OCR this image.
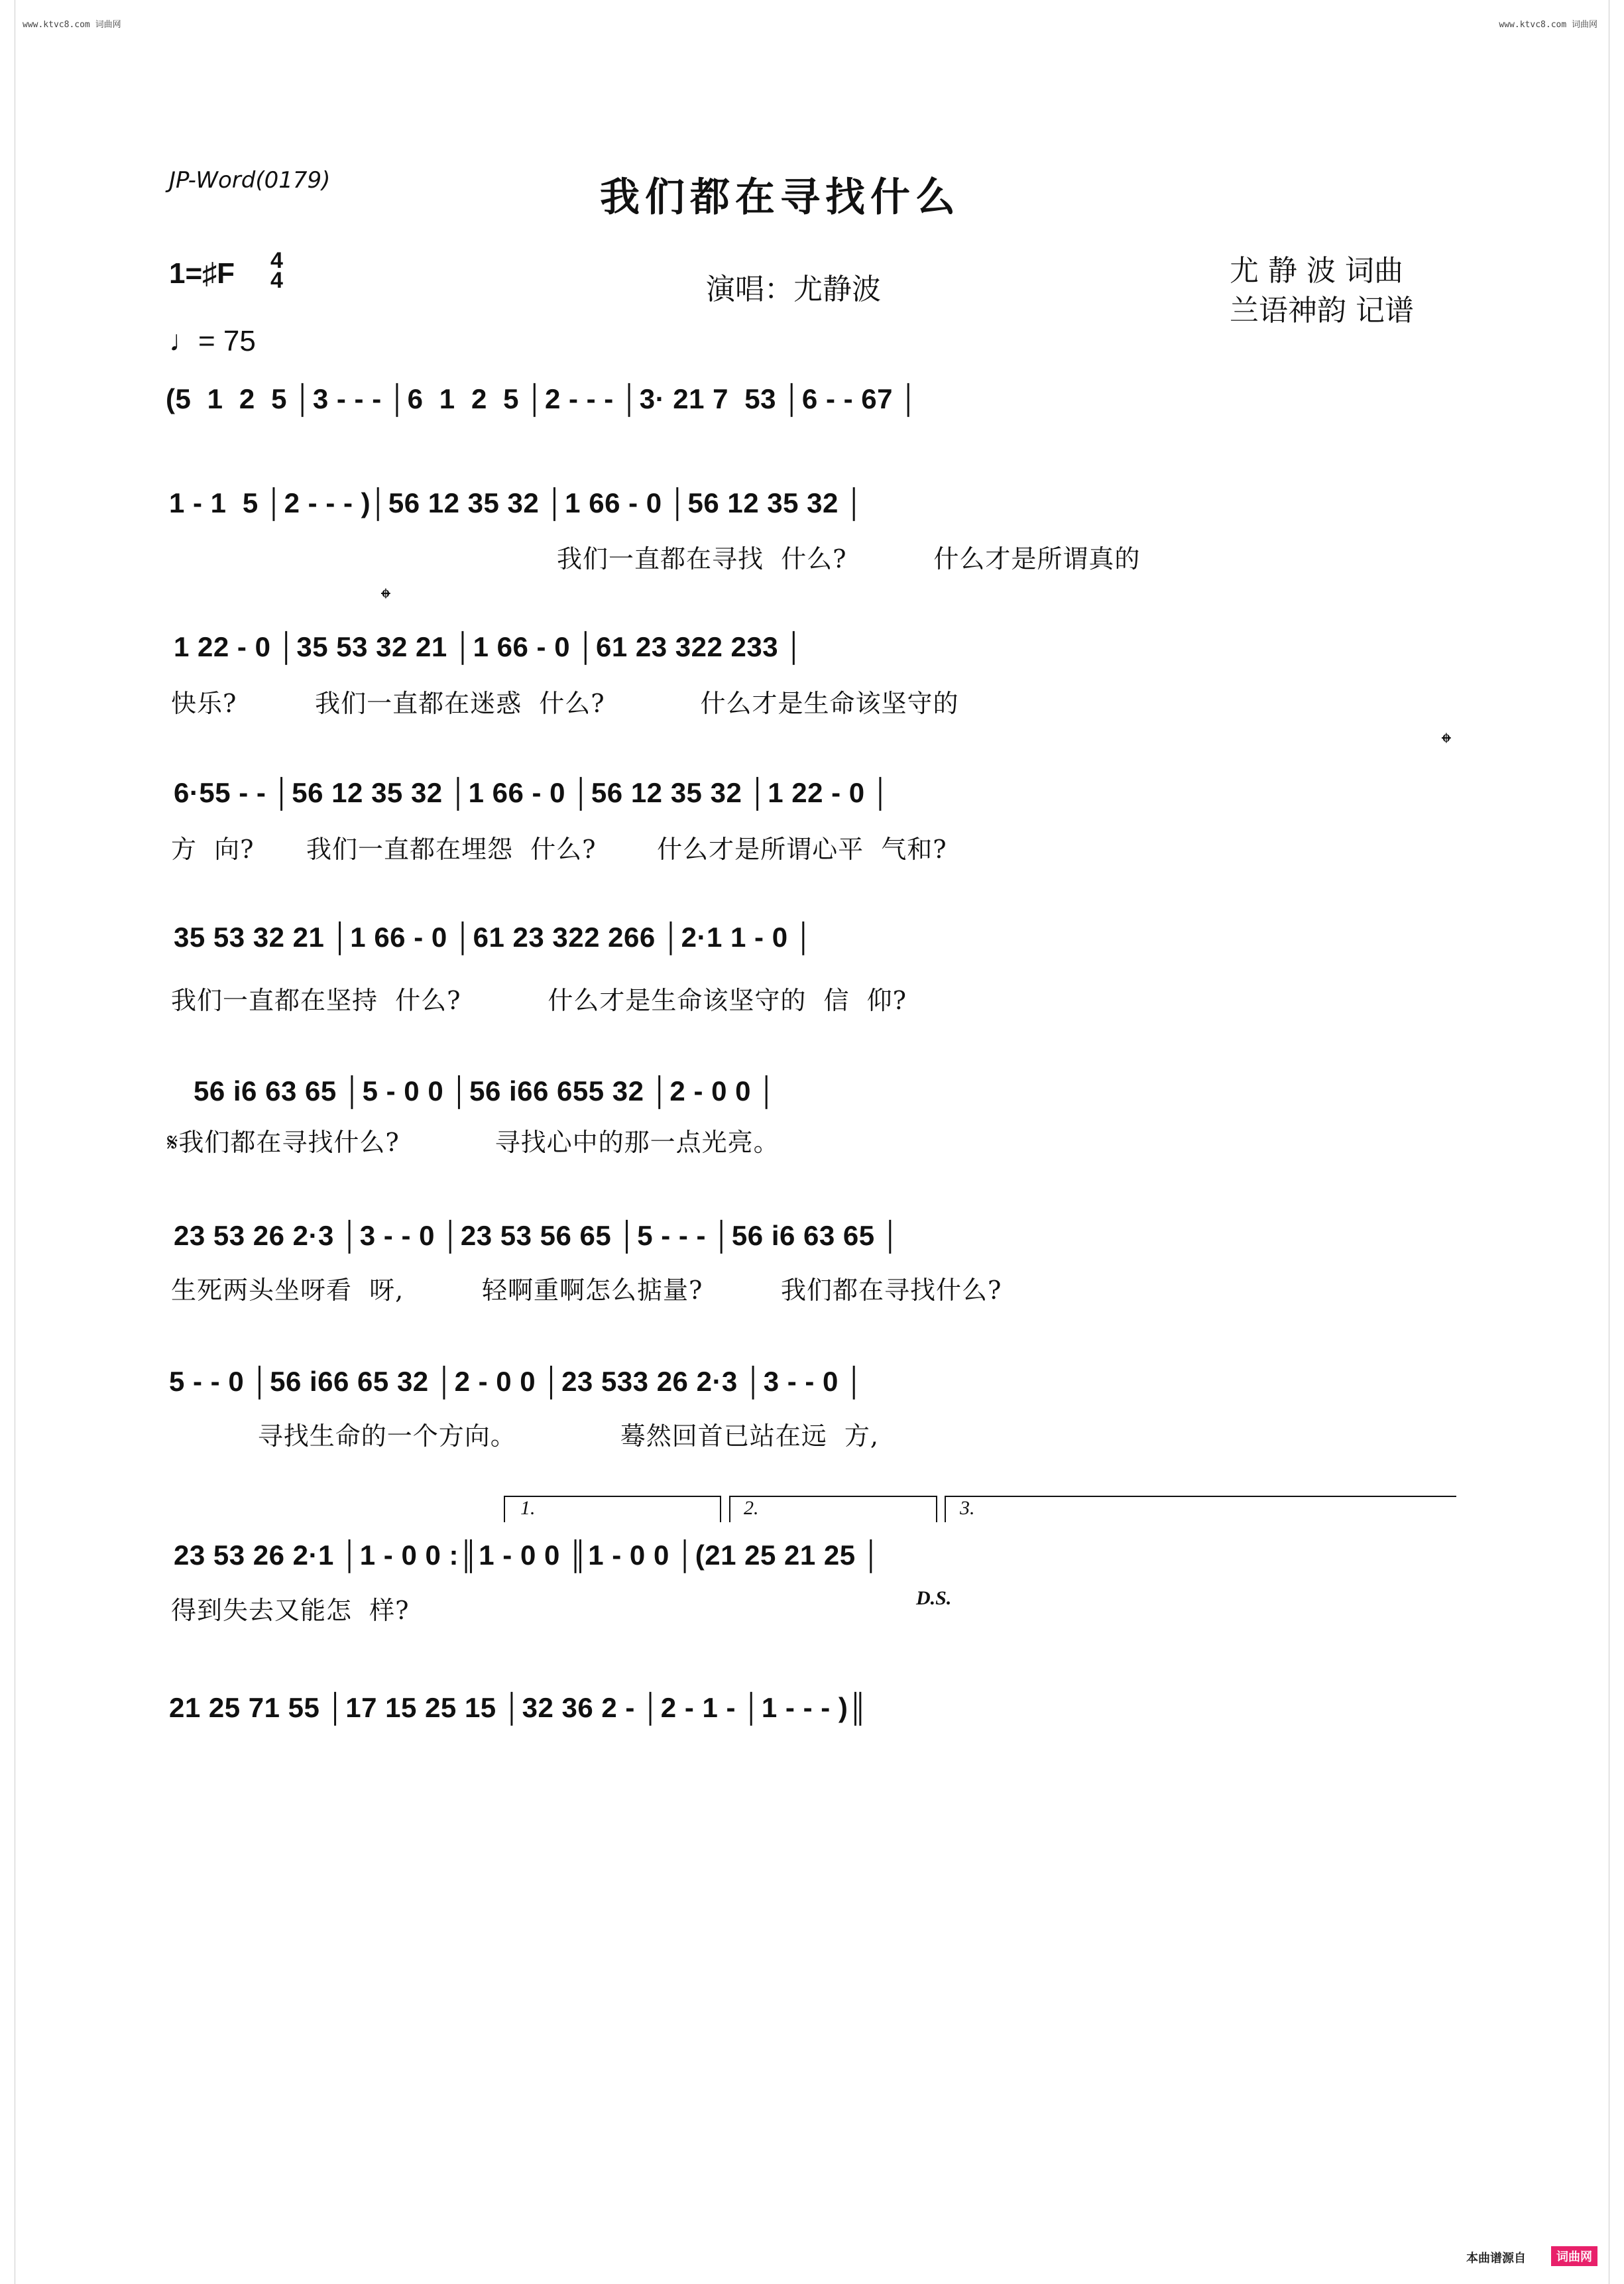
www.ktvc8.com 词曲网	www.ktvc8.com 词曲网
JP-Word(0179)	我们都在寻找什么
1=♯F 4
4	演唱：尤静波
尤 静 波 词曲
兰语神韵 记谱
♩= 75
(5  1  2  5 │3 - - - │6  1  2  5 │2 - - - │3· 21 7  53 │6 - - 67 │
1 - 1  5 │2 - - - )│56 12 35 32 │1 66 - 0 │56 12 35 32 │
我们一直都在寻找  什么?          什么才是所谓真的
𝄌
1 22 - 0 │35 53 32 21 │1 66 - 0 │61 23 322 233 │
快乐?         我们一直都在迷惑  什么?           什么才是生命该坚守的
𝄌
6·55 - - │56 12 35 32 │1 66 - 0 │56 12 35 32 │1 22 - 0 │
方  向?      我们一直都在埋怨  什么?       什么才是所谓心平  气和?
35 53 32 21 │1 66 - 0 │61 23 322 266 │2·1 1 - 0 │
我们一直都在坚持  什么?          什么才是生命该坚守的  信  仰?
56 i6 63 65 │5 - 0 0 │56 i66 655 32 │2 - 0 0 │
𝄋我们都在寻找什么?           寻找心中的那一点光亮。
23 53 26 2·3 │3 - - 0 │23 53 56 65 │5 - - - │56 i6 63 65 │
生死两头坐呀看  呀,         轻啊重啊怎么掂量?         我们都在寻找什么?
5 - - 0 │56 i66 65 32 │2 - 0 0 │23 533 26 2·3 │3 - - 0 │
寻找生命的一个方向。            蓦然回首已站在远  方,
1.	2.	3.
23 53 26 2·1 │1 - 0 0 :║1 - 0 0 ║1 - 0 0 │(21 25 21 25 │
得到失去又能怎  样?	D.S.
21 25 71 55 │17 15 25 15 │32 36 2 - │2 - 1 - │1 - - - )║
本曲谱源自	词曲网
